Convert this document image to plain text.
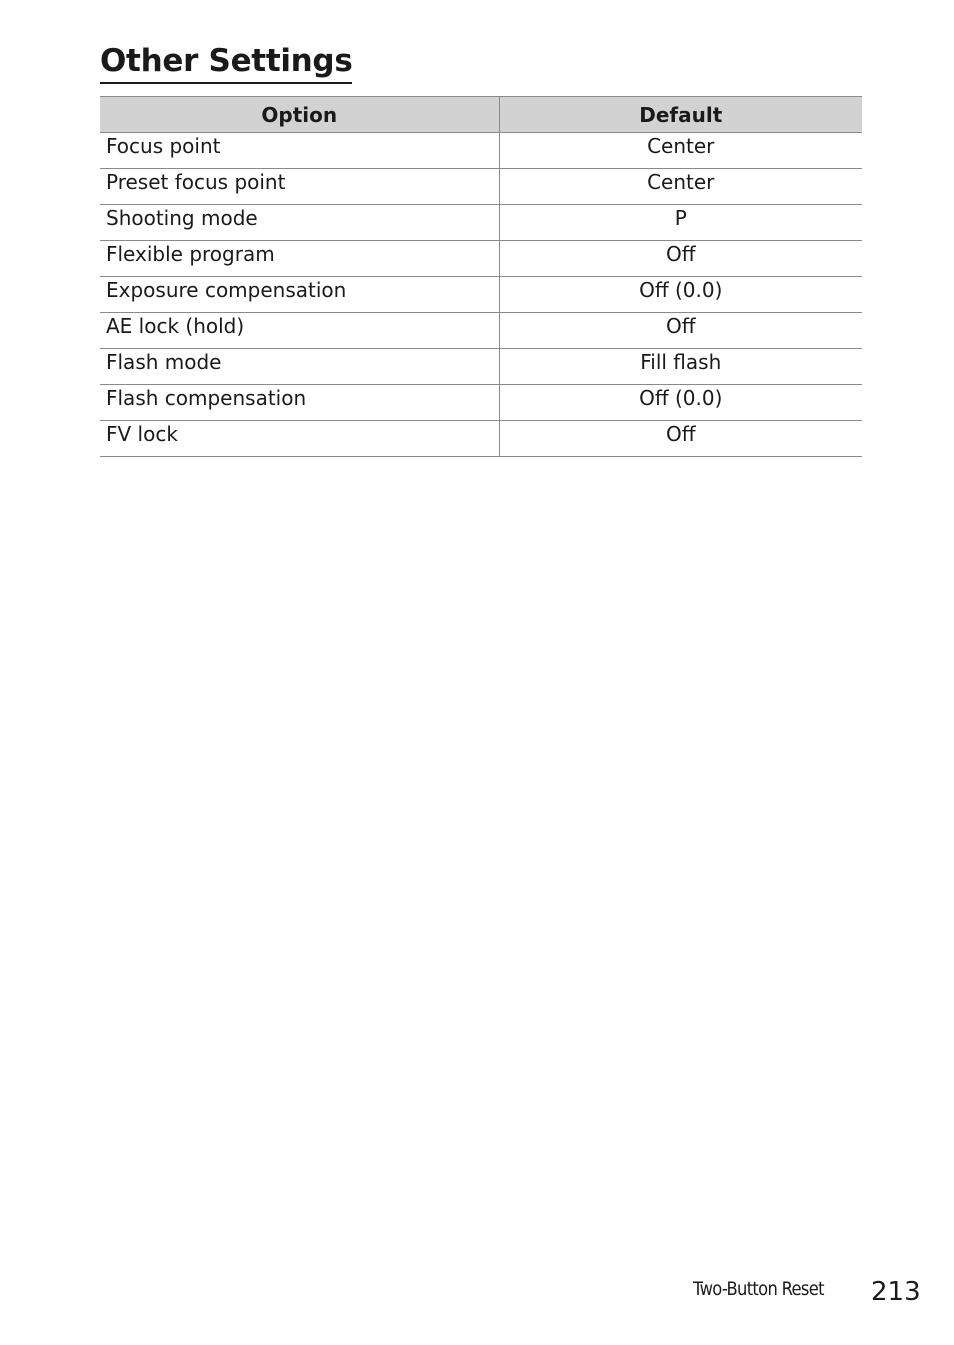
Other Settings
Option	Default
Focus point	Center
Preset focus point	Center
Shooting mode	P
Flexible program	Off
Exposure compensation	Off (0.0)
AE lock (hold)	Off
Flash mode	Fill flash
Flash compensation	Off (0.0)
FV lock	Off
Two-Button Reset 213
